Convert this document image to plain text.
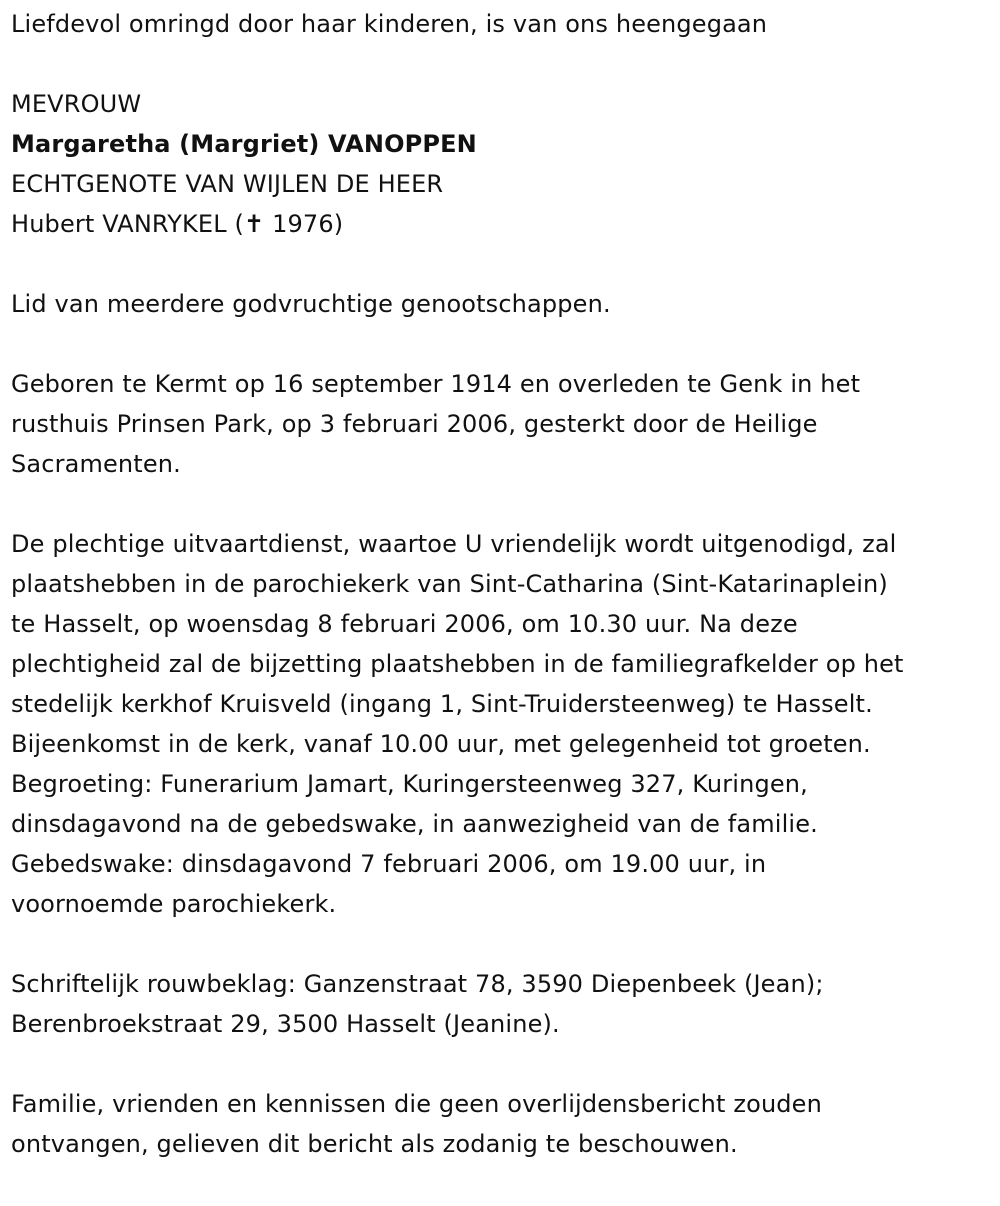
Liefdevol omringd door haar kinderen, is van ons heengegaan
MEVROUW
Margaretha (Margriet) VANOPPEN
ECHTGENOTE VAN WIJLEN DE HEER
Hubert VANRYKEL (✝ 1976)
Lid van meerdere godvruchtige genootschappen.
Geboren te Kermt op 16 september 1914 en overleden te Genk in het
rusthuis Prinsen Park, op 3 februari 2006, gesterkt door de Heilige
Sacramenten.
De plechtige uitvaartdienst, waartoe U vriendelijk wordt uitgenodigd, zal
plaatshebben in de parochiekerk van Sint-Catharina (Sint-Katarinaplein)
te Hasselt, op woensdag 8 februari 2006, om 10.30 uur. Na deze
plechtigheid zal de bijzetting plaatshebben in de familiegrafkelder op het
stedelijk kerkhof Kruisveld (ingang 1, Sint-Truidersteenweg) te Hasselt.
Bijeenkomst in de kerk, vanaf 10.00 uur, met gelegenheid tot groeten.
Begroeting: Funerarium Jamart, Kuringersteenweg 327, Kuringen,
dinsdagavond na de gebedswake, in aanwezigheid van de familie.
Gebedswake: dinsdagavond 7 februari 2006, om 19.00 uur, in
voornoemde parochiekerk.
Schriftelijk rouwbeklag: Ganzenstraat 78, 3590 Diepenbeek (Jean);
Berenbroekstraat 29, 3500 Hasselt (Jeanine).
Familie, vrienden en kennissen die geen overlijdensbericht zouden
ontvangen, gelieven dit bericht als zodanig te beschouwen.
